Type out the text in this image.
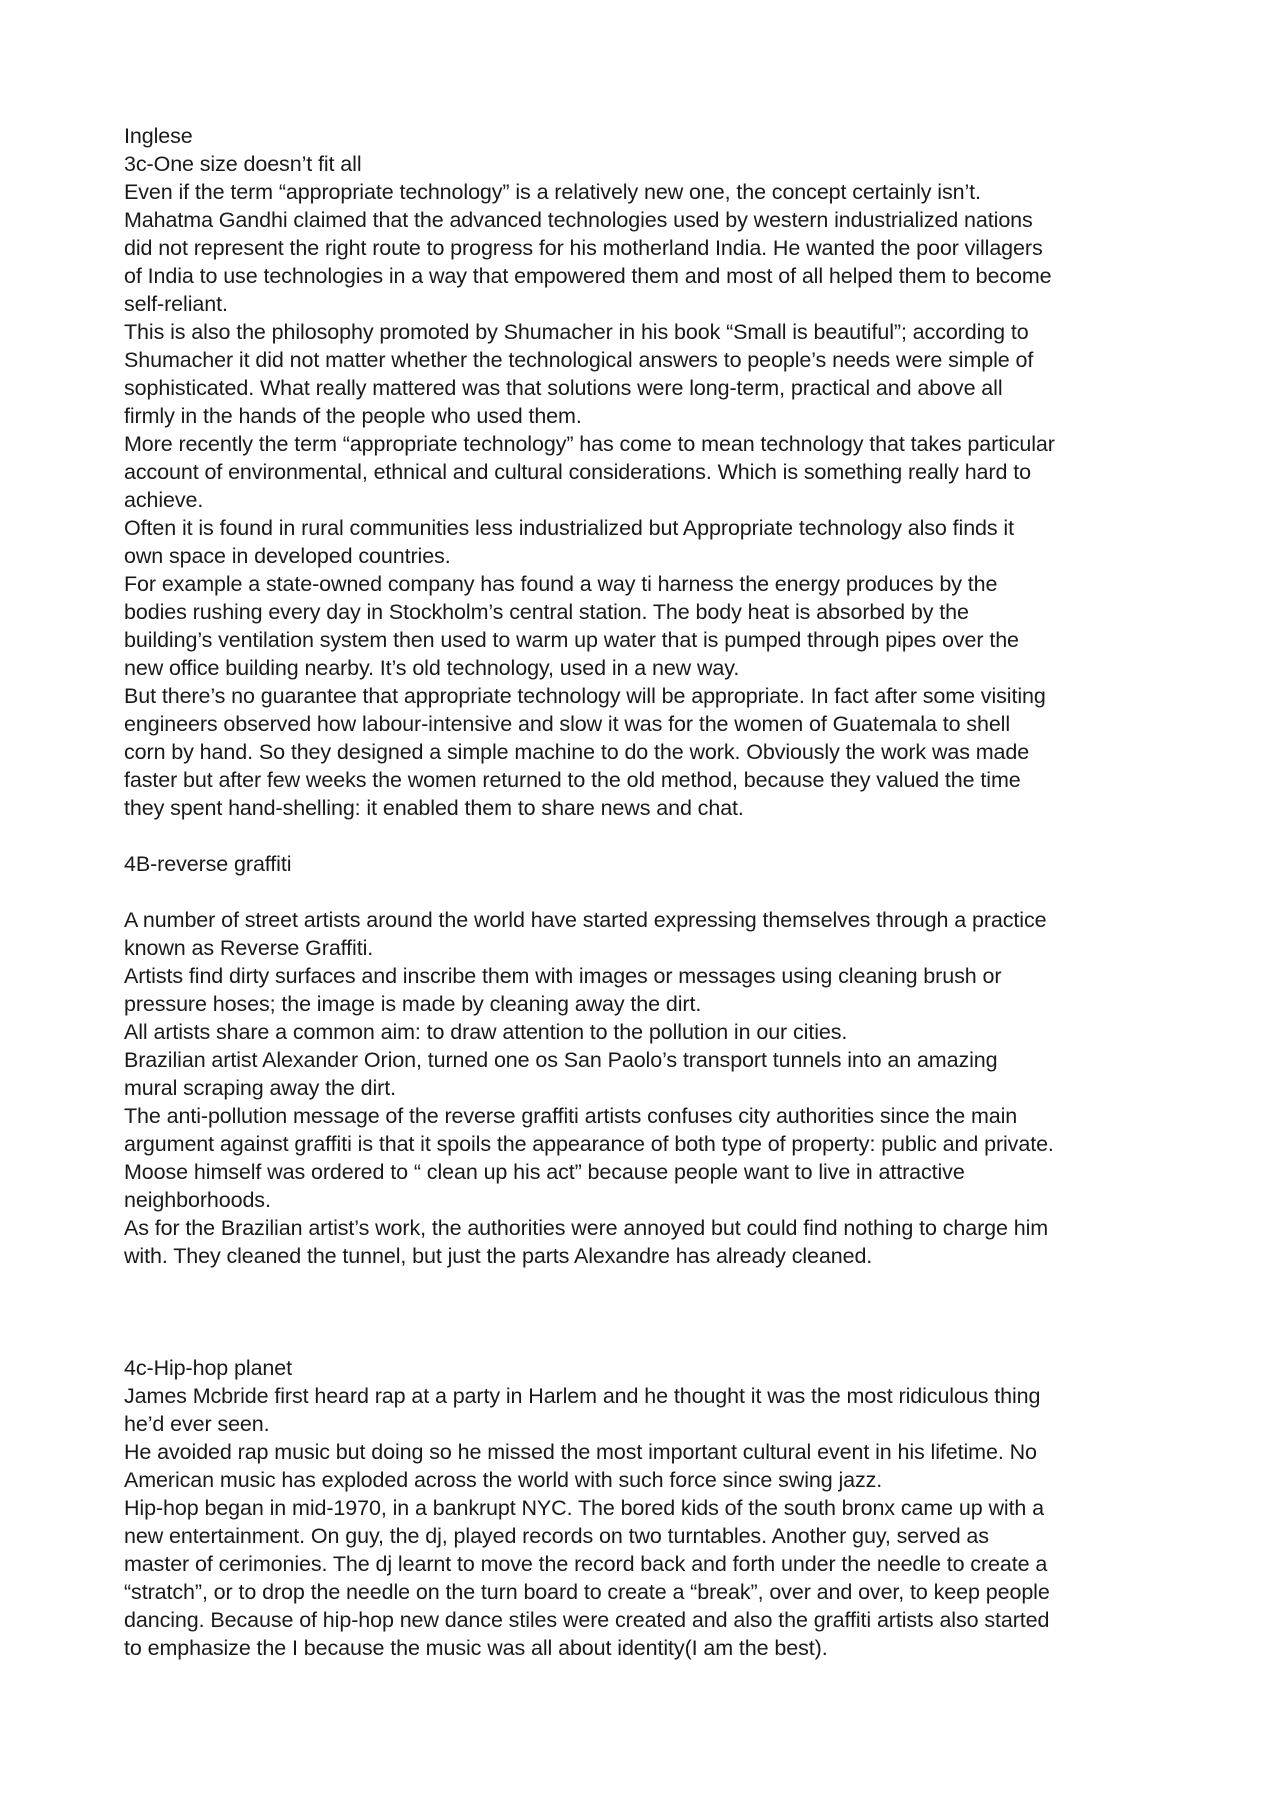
Inglese
3c-One size doesn’t fit all
Even if the term “appropriate technology” is a relatively new one, the concept certainly isn’t.
Mahatma Gandhi claimed that the advanced technologies used by western industrialized nations
did not represent the right route to progress for his motherland India. He wanted the poor villagers
of India to use technologies in a way that empowered them and most of all helped them to become
self-reliant.
This is also the philosophy promoted by Shumacher in his book “Small is beautiful”; according to
Shumacher it did not matter whether the technological answers to people’s needs were simple of
sophisticated. What really mattered was that solutions were long-term, practical and above all
firmly in the hands of the people who used them.
More recently the term “appropriate technology” has come to mean technology that takes particular
account of environmental, ethnical and cultural considerations. Which is something really hard to
achieve.
Often it is found in rural communities less industrialized but Appropriate technology also finds it
own space in developed countries.
For example a state-owned company has found a way ti harness the energy produces by the
bodies rushing every day in Stockholm’s central station. The body heat is absorbed by the
building’s ventilation system then used to warm up water that is pumped through pipes over the
new office building nearby. It’s old technology, used in a new way.
But there’s no guarantee that appropriate technology will be appropriate. In fact after some visiting
engineers observed how labour-intensive and slow it was for the women of Guatemala to shell
corn by hand. So they designed a simple machine to do the work. Obviously the work was made
faster but after few weeks the women returned to the old method, because they valued the time
they spent hand-shelling: it enabled them to share news and chat.
4B-reverse graffiti
A number of street artists around the world have started expressing themselves through a practice
known as Reverse Graffiti.
Artists find dirty surfaces and inscribe them with images or messages using cleaning brush or
pressure hoses; the image is made by cleaning away the dirt.
All artists share a common aim: to draw attention to the pollution in our cities.
Brazilian artist Alexander Orion, turned one os San Paolo’s transport tunnels into an amazing
mural scraping away the dirt.
The anti-pollution message of the reverse graffiti artists confuses city authorities since the main
argument against graffiti is that it spoils the appearance of both type of property: public and private.
Moose himself was ordered to “ clean up his act” because people want to live in attractive
neighborhoods.
As for the Brazilian artist’s work, the authorities were annoyed but could find nothing to charge him
with. They cleaned the tunnel, but just the parts Alexandre has already cleaned.
4c-Hip-hop planet
James Mcbride first heard rap at a party in Harlem and he thought it was the most ridiculous thing
he’d ever seen.
He avoided rap music but doing so he missed the most important cultural event in his lifetime. No
American music has exploded across the world with such force since swing jazz.
Hip-hop began in mid-1970, in a bankrupt NYC. The bored kids of the south bronx came up with a
new entertainment. On guy, the dj, played records on two turntables. Another guy, served as
master of cerimonies. The dj learnt to move the record back and forth under the needle to create a
“stratch”, or to drop the needle on the turn board to create a “break”, over and over, to keep people
dancing. Because of hip-hop new dance stiles were created and also the graffiti artists also started
to emphasize the I because the music was all about identity(I am the best).
